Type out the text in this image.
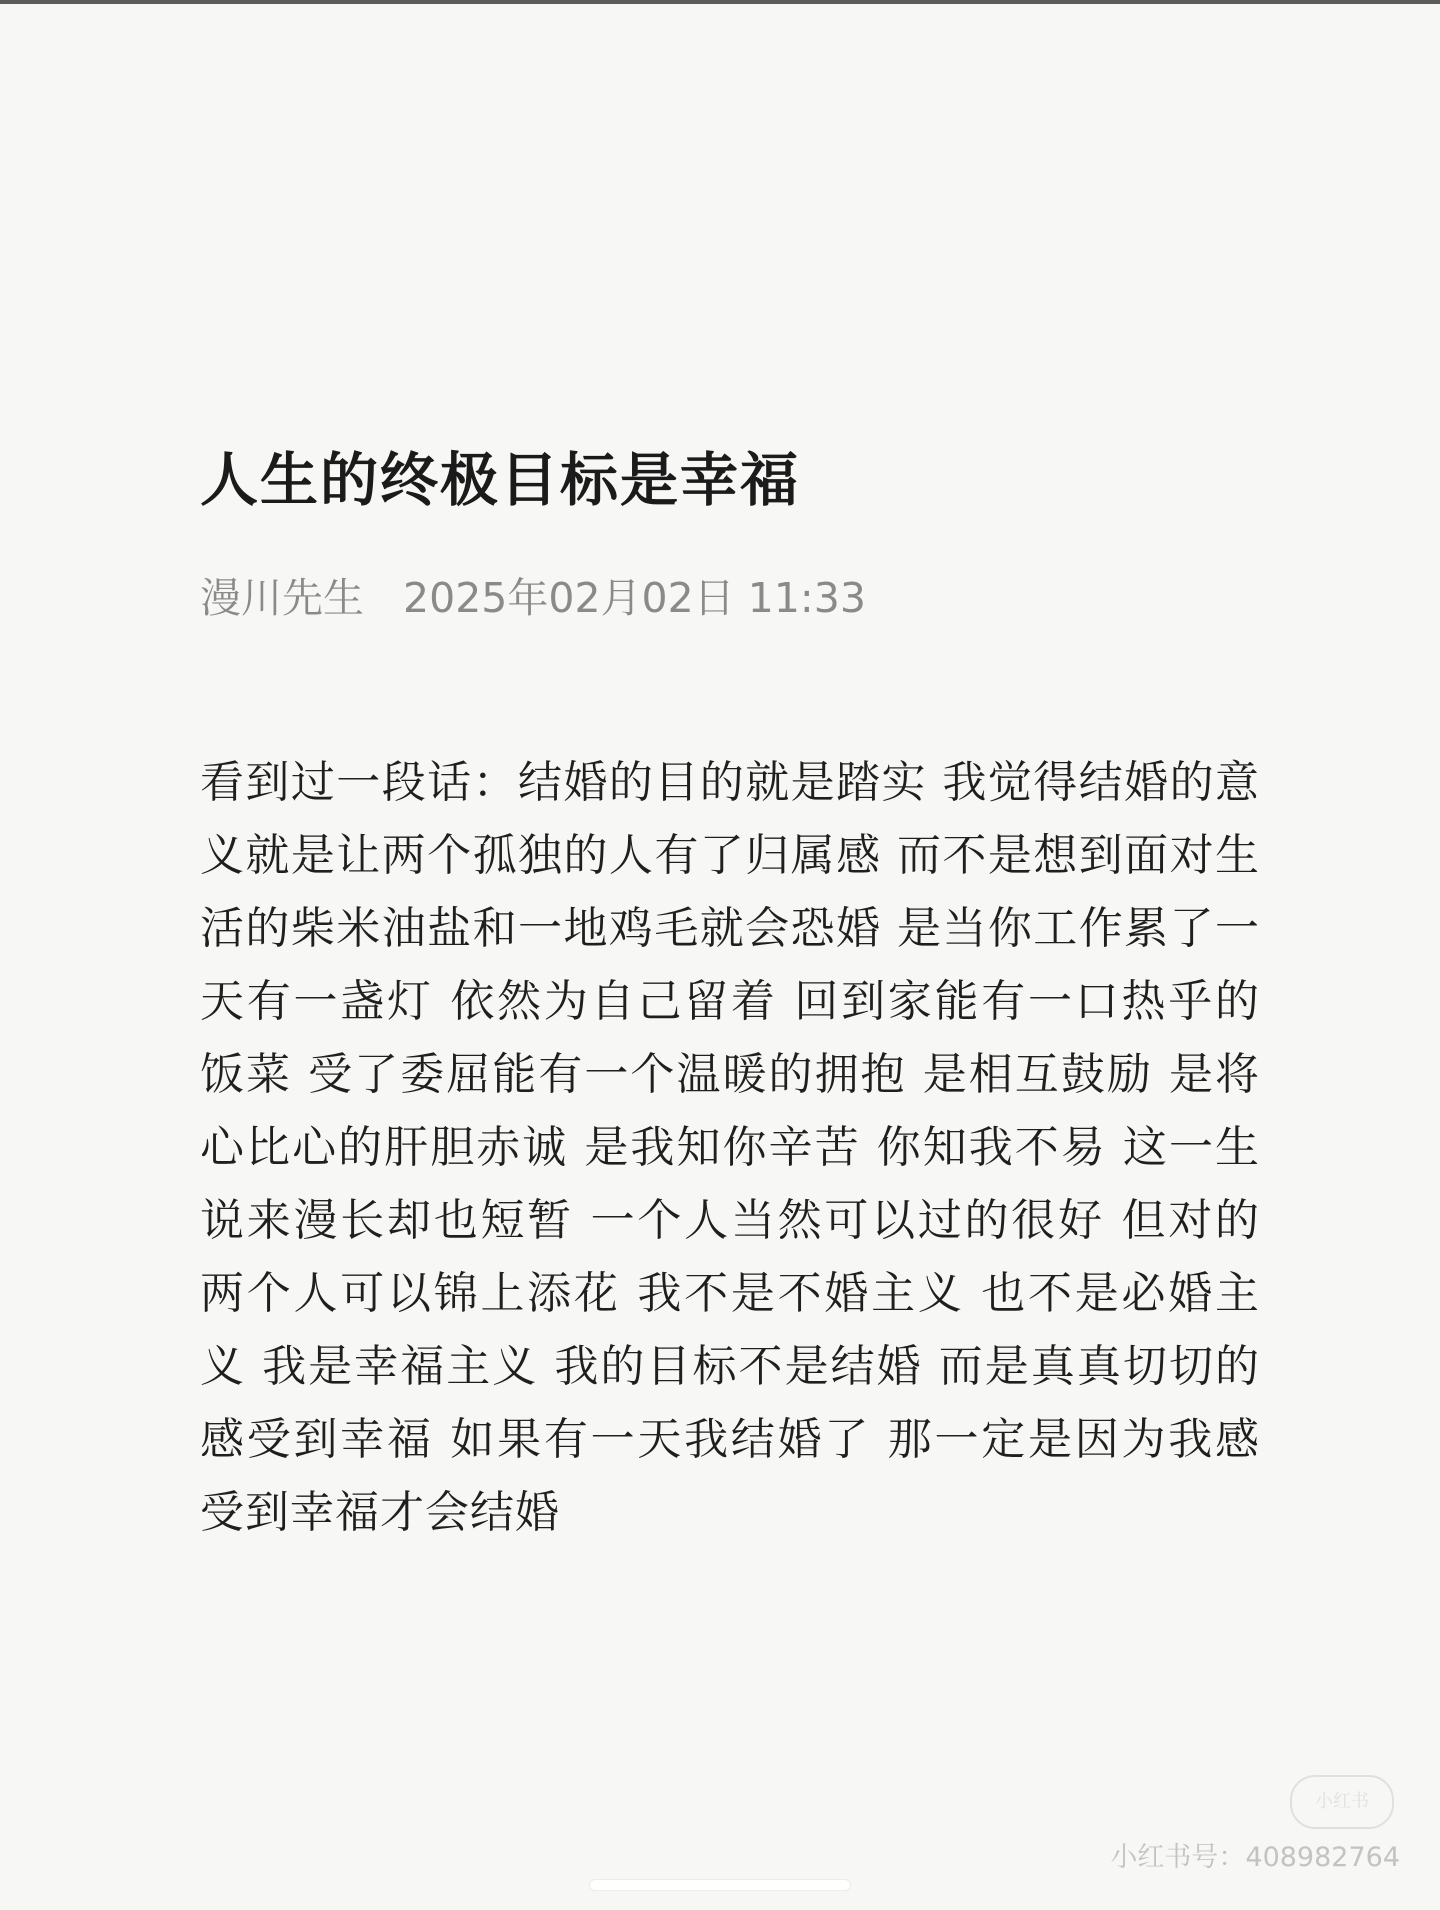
人生的终极目标是幸福
漫川先生 2025年02月02日 11:33
看到过一段话：结婚的目的就是踏实 我觉得结婚的意义就是让两个孤独的人有了归属感 而不是想到面对生活的柴米油盐和一地鸡毛就会恐婚 是当你工作累了一天有一盏灯 依然为自己留着 回到家能有一口热乎的饭菜 受了委屈能有一个温暖的拥抱 是相互鼓励 是将心比心的肝胆赤诚 是我知你辛苦 你知我不易 这一生说来漫长却也短暂 一个人当然可以过的很好 但对的两个人可以锦上添花 我不是不婚主义 也不是必婚主义 我是幸福主义 我的目标不是结婚 而是真真切切的感受到幸福 如果有一天我结婚了 那一定是因为我感受到幸福才会结婚
小红书
小红书号：408982764
